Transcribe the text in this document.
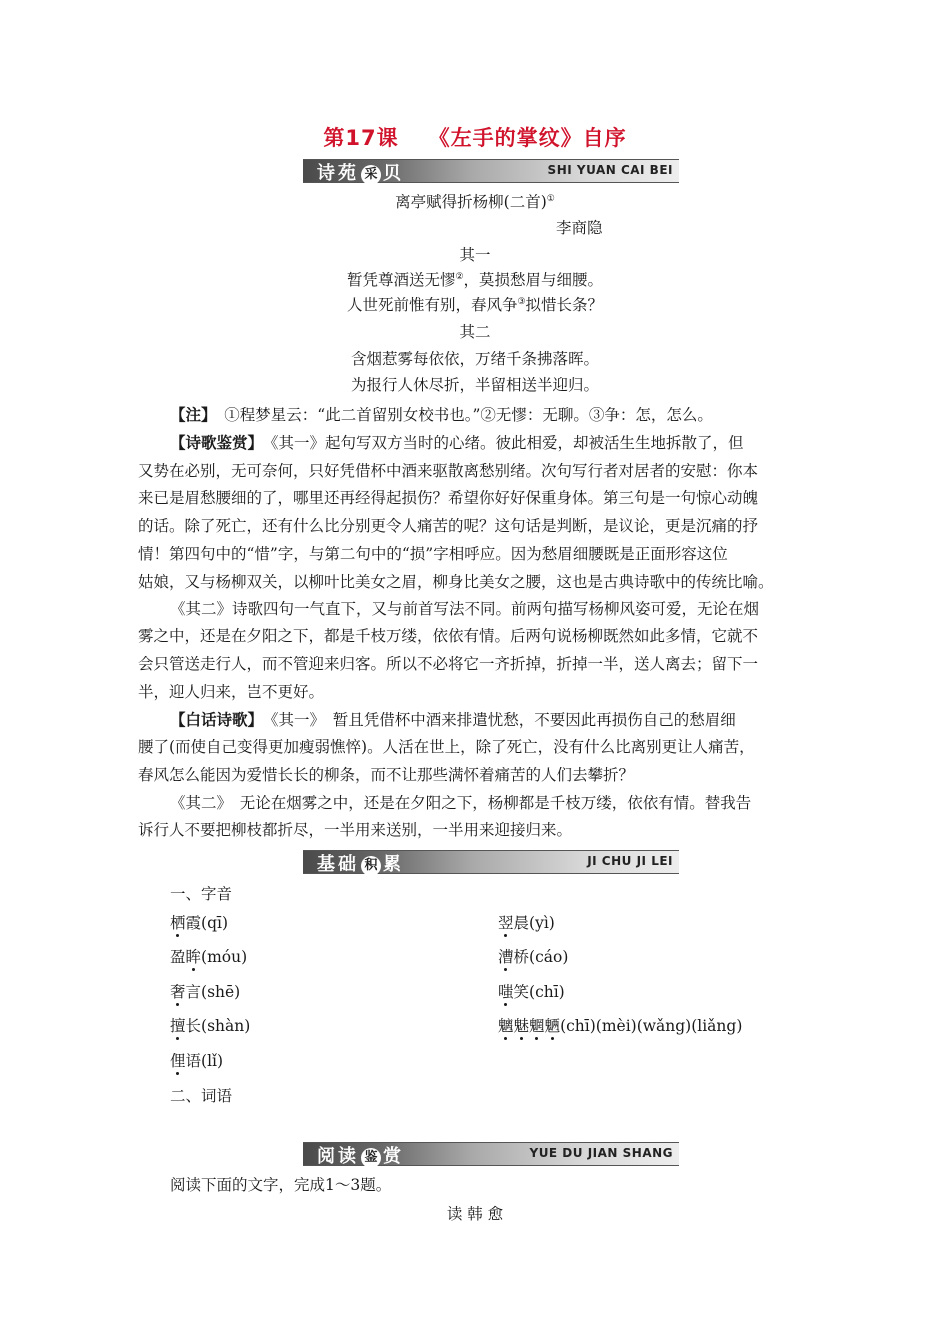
第17课 《左手的掌纹》自序
诗苑 采 贝	SHI YUAN CAI BEI
离亭赋得折杨柳(二首)①
李商隐
其一
暂凭尊酒送无憀②，莫损愁眉与细腰。
人世死前惟有别，春风争③拟惜长条？
其二
含烟惹雾每依依，万绪千条拂落晖。
为报行人休尽折，半留相送半迎归。
【注】　 ①程梦星云：“此二首留别女校书也。”②无憀：无聊。③争：怎，怎么。
【诗歌鉴赏】　 《其一》起句写双方当时的心绪。彼此相爱，却被活生生地拆散了，但
又势在必别，无可奈何，只好凭借杯中酒来驱散离愁别绪。次句写行者对居者的安慰：你本
来已是眉愁腰细的了，哪里还再经得起损伤？希望你好好保重身体。第三句是一句惊心动魄
的话。除了死亡，还有什么比分别更令人痛苦的呢？这句话是判断，是议论，更是沉痛的抒
情！第四句中的“惜”字，与第二句中的“损”字相呼应。因为愁眉细腰既是正面形容这位
姑娘，又与杨柳双关，以柳叶比美女之眉，柳身比美女之腰，这也是古典诗歌中的传统比喻。
《其二》诗歌四句一气直下，又与前首写法不同。前两句描写杨柳风姿可爱，无论在烟
雾之中，还是在夕阳之下，都是千枝万缕，依依有情。后两句说杨柳既然如此多情，它就不
会只管送走行人，而不管迎来归客。所以不必将它一齐折掉，折掉一半，送人离去；留下一
半，迎人归来，岂不更好。
【白话诗歌】　 《其一》　暂且凭借杯中酒来排遣忧愁，不要因此再损伤自己的愁眉细
腰了(而使自己变得更加瘦弱憔悴)。人活在世上，除了死亡，没有什么比离别更让人痛苦，
春风怎么能因为爱惜长长的柳条，而不让那些满怀着痛苦的人们去攀折？
《其二》　无论在烟雾之中，还是在夕阳之下，杨柳都是千枝万缕，依依有情。替我告
诉行人不要把柳枝都折尽，一半用来送别，一半用来迎接归来。
基础 积 累	JI CHU JI LEI
一、字音
栖霞(qī)	翌晨(yì)
盈眸(móu)	漕桥(cáo)
奢言(shē)	嗤笑(chī)
擅长(shàn)	魑魅魍魉(chī)(mèi)(wǎng)(liǎng)
俚语(lǐ)
二、词语
阅读 鉴 赏	YUE DU JIAN SHANG
阅读下面的文字，完成1～3题。
读 韩 愈
